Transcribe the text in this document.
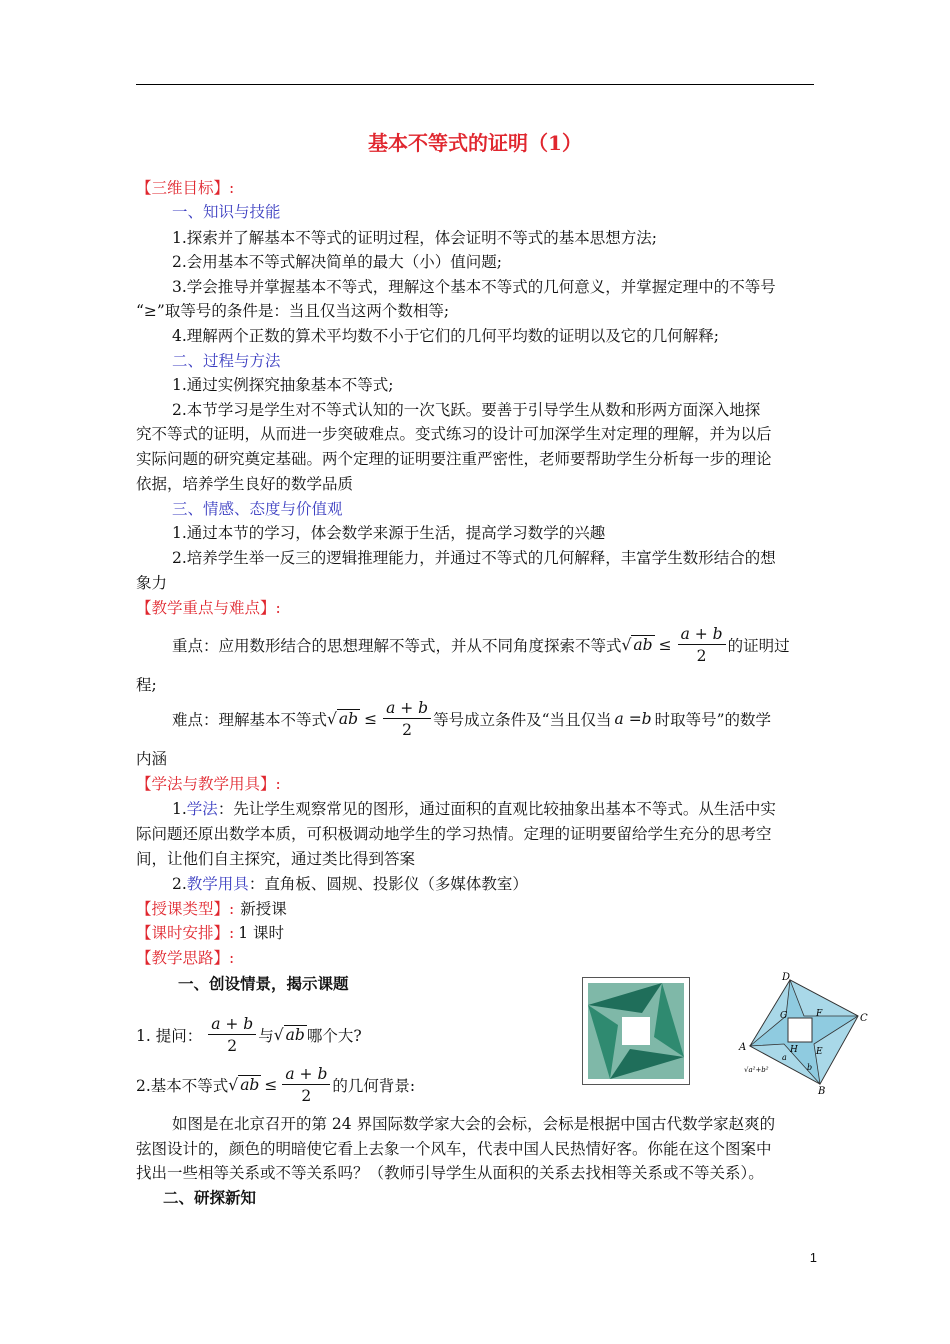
基本不等式的证明（1）
【三维目标】:
一、知识与技能
1.探索并了解基本不等式的证明过程，体会证明不等式的基本思想方法;
2.会用基本不等式解决简单的最大（小）值问题;
3.学会推导并掌握基本不等式，理解这个基本不等式的几何意义，并掌握定理中的不等号
“≥”取等号的条件是：当且仅当这两个数相等;
4.理解两个正数的算术平均数不小于它们的几何平均数的证明以及它的几何解释;
二、过程与方法
1.通过实例探究抽象基本不等式;
2.本节学习是学生对不等式认知的一次飞跃。要善于引导学生从数和形两方面深入地探
究不等式的证明，从而进一步突破难点。变式练习的设计可加深学生对定理的理解，并为以后
实际问题的研究奠定基础。两个定理的证明要注重严密性，老师要帮助学生分析每一步的理论
依据，培养学生良好的数学品质
三、情感、态度与价值观
1.通过本节的学习，体会数学来源于生活，提高学习数学的兴趣
2.培养学生举一反三的逻辑推理能力，并通过不等式的几何解释，丰富学生数形结合的想
象力
【教学重点与难点】:
重点：应用数形结合的思想理解不等式，并从不同角度探索不等式 √ ab ≤ $\frac{a + b}{2}$ 的证明过
程;
难点：理解基本不等式 √ ab ≤ $\frac{a + b}{2}$ 等号成立条件及“当且仅当 a =b 时取等号”的数学
内涵
【学法与教学用具】:
1.学法：先让学生观察常见的图形，通过面积的直观比较抽象出基本不等式。从生活中实
际问题还原出数学本质，可积极调动地学生的学习热情。定理的证明要留给学生充分的思考空
间，让他们自主探究，通过类比得到答案
2.教学用具：直角板、圆规、投影仪（多媒体教室）
【授课类型】: 新授课
【课时安排】: 1 课时
【教学思路】:
一、创设情景，揭示课题
1. 提问： $\frac{a + b}{2}$ 与 √ ab 哪个大?
2.基本不等式 √ ab ≤ $\frac{a + b}{2}$ 的几何背景:
D
C
A
B
G	F
H E
a
b
√a²+b²
如图是在北京召开的第 24 界国际数学家大会的会标，会标是根据中国古代数学家赵爽的
弦图设计的，颜色的明暗使它看上去象一个风车，代表中国人民热情好客。你能在这个图案中
找出一些相等关系或不等关系吗？（教师引导学生从面积的关系去找相等关系或不等关系）。
二、研探新知
1
